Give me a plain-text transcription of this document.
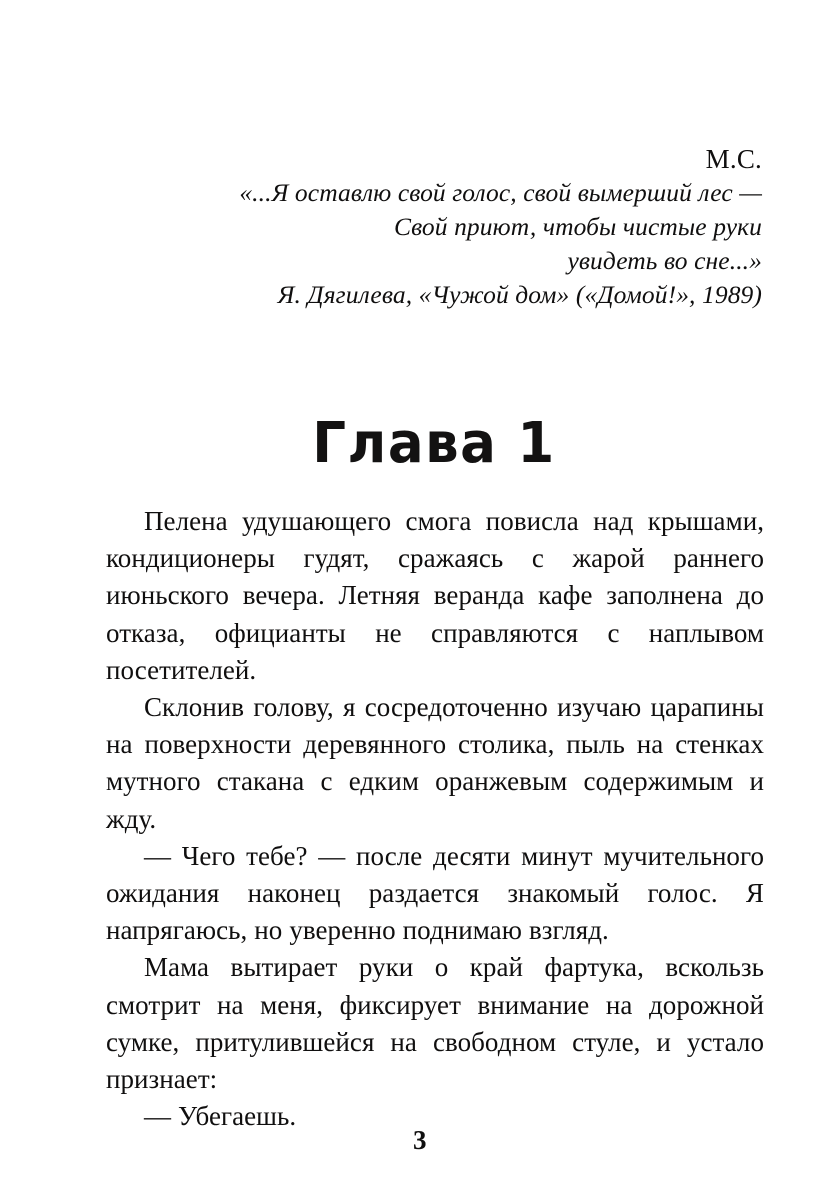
М.С.
«...Я оставлю свой голос, свой вымерший лес —
Свой приют, чтобы чистые руки
увидеть во сне...»
Я. Дягилева, «Чужой дом» («Домой!», 1989)
Глава 1

Пелена удушающего смога повисла над крышами, кондиционеры гудят, сражаясь с жарой раннего июньского вечера. Летняя веранда кафе заполнена до отказа, официанты не справляются с наплывом посетителей.

Склонив голову, я сосредоточенно изучаю царапины на поверхности деревянного столика, пыль на стенках мутного стакана с едким оранжевым содержимым и жду.

— Чего тебе? — после десяти минут мучительного ожидания наконец раздается знакомый голос. Я напрягаюсь, но уверенно поднимаю взгляд.

Мама вытирает руки о край фартука, вскользь смотрит на меня, фиксирует внимание на дорожной сумке, притулившейся на свободном стуле, и устало признает:

— Убегаешь.

3
